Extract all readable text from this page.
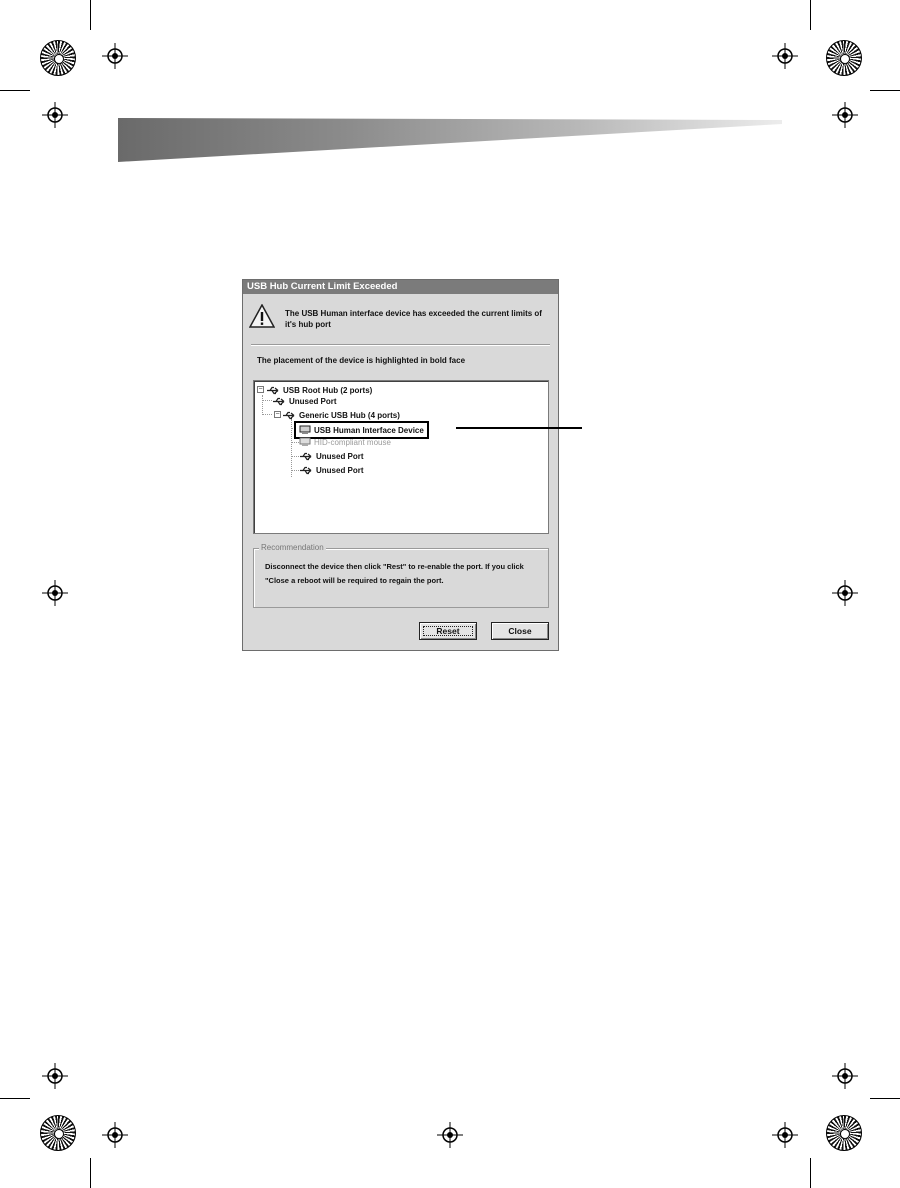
USB Hub Current Limit Exceeded
The USB Human interface device has exceeded the current limits of it's hub port
The placement of the device is highlighted in bold face
−	USB Root Hub (2 ports)
Unused Port
− Generic USB Hub (4 ports)
USB Human Interface Device
HID-compliant mouse
Unused Port
Unused Port
Recommendation
Disconnect the device then click "Rest" to re-enable the port. If you click "Close a reboot will be required to regain the port.
Reset	Close
